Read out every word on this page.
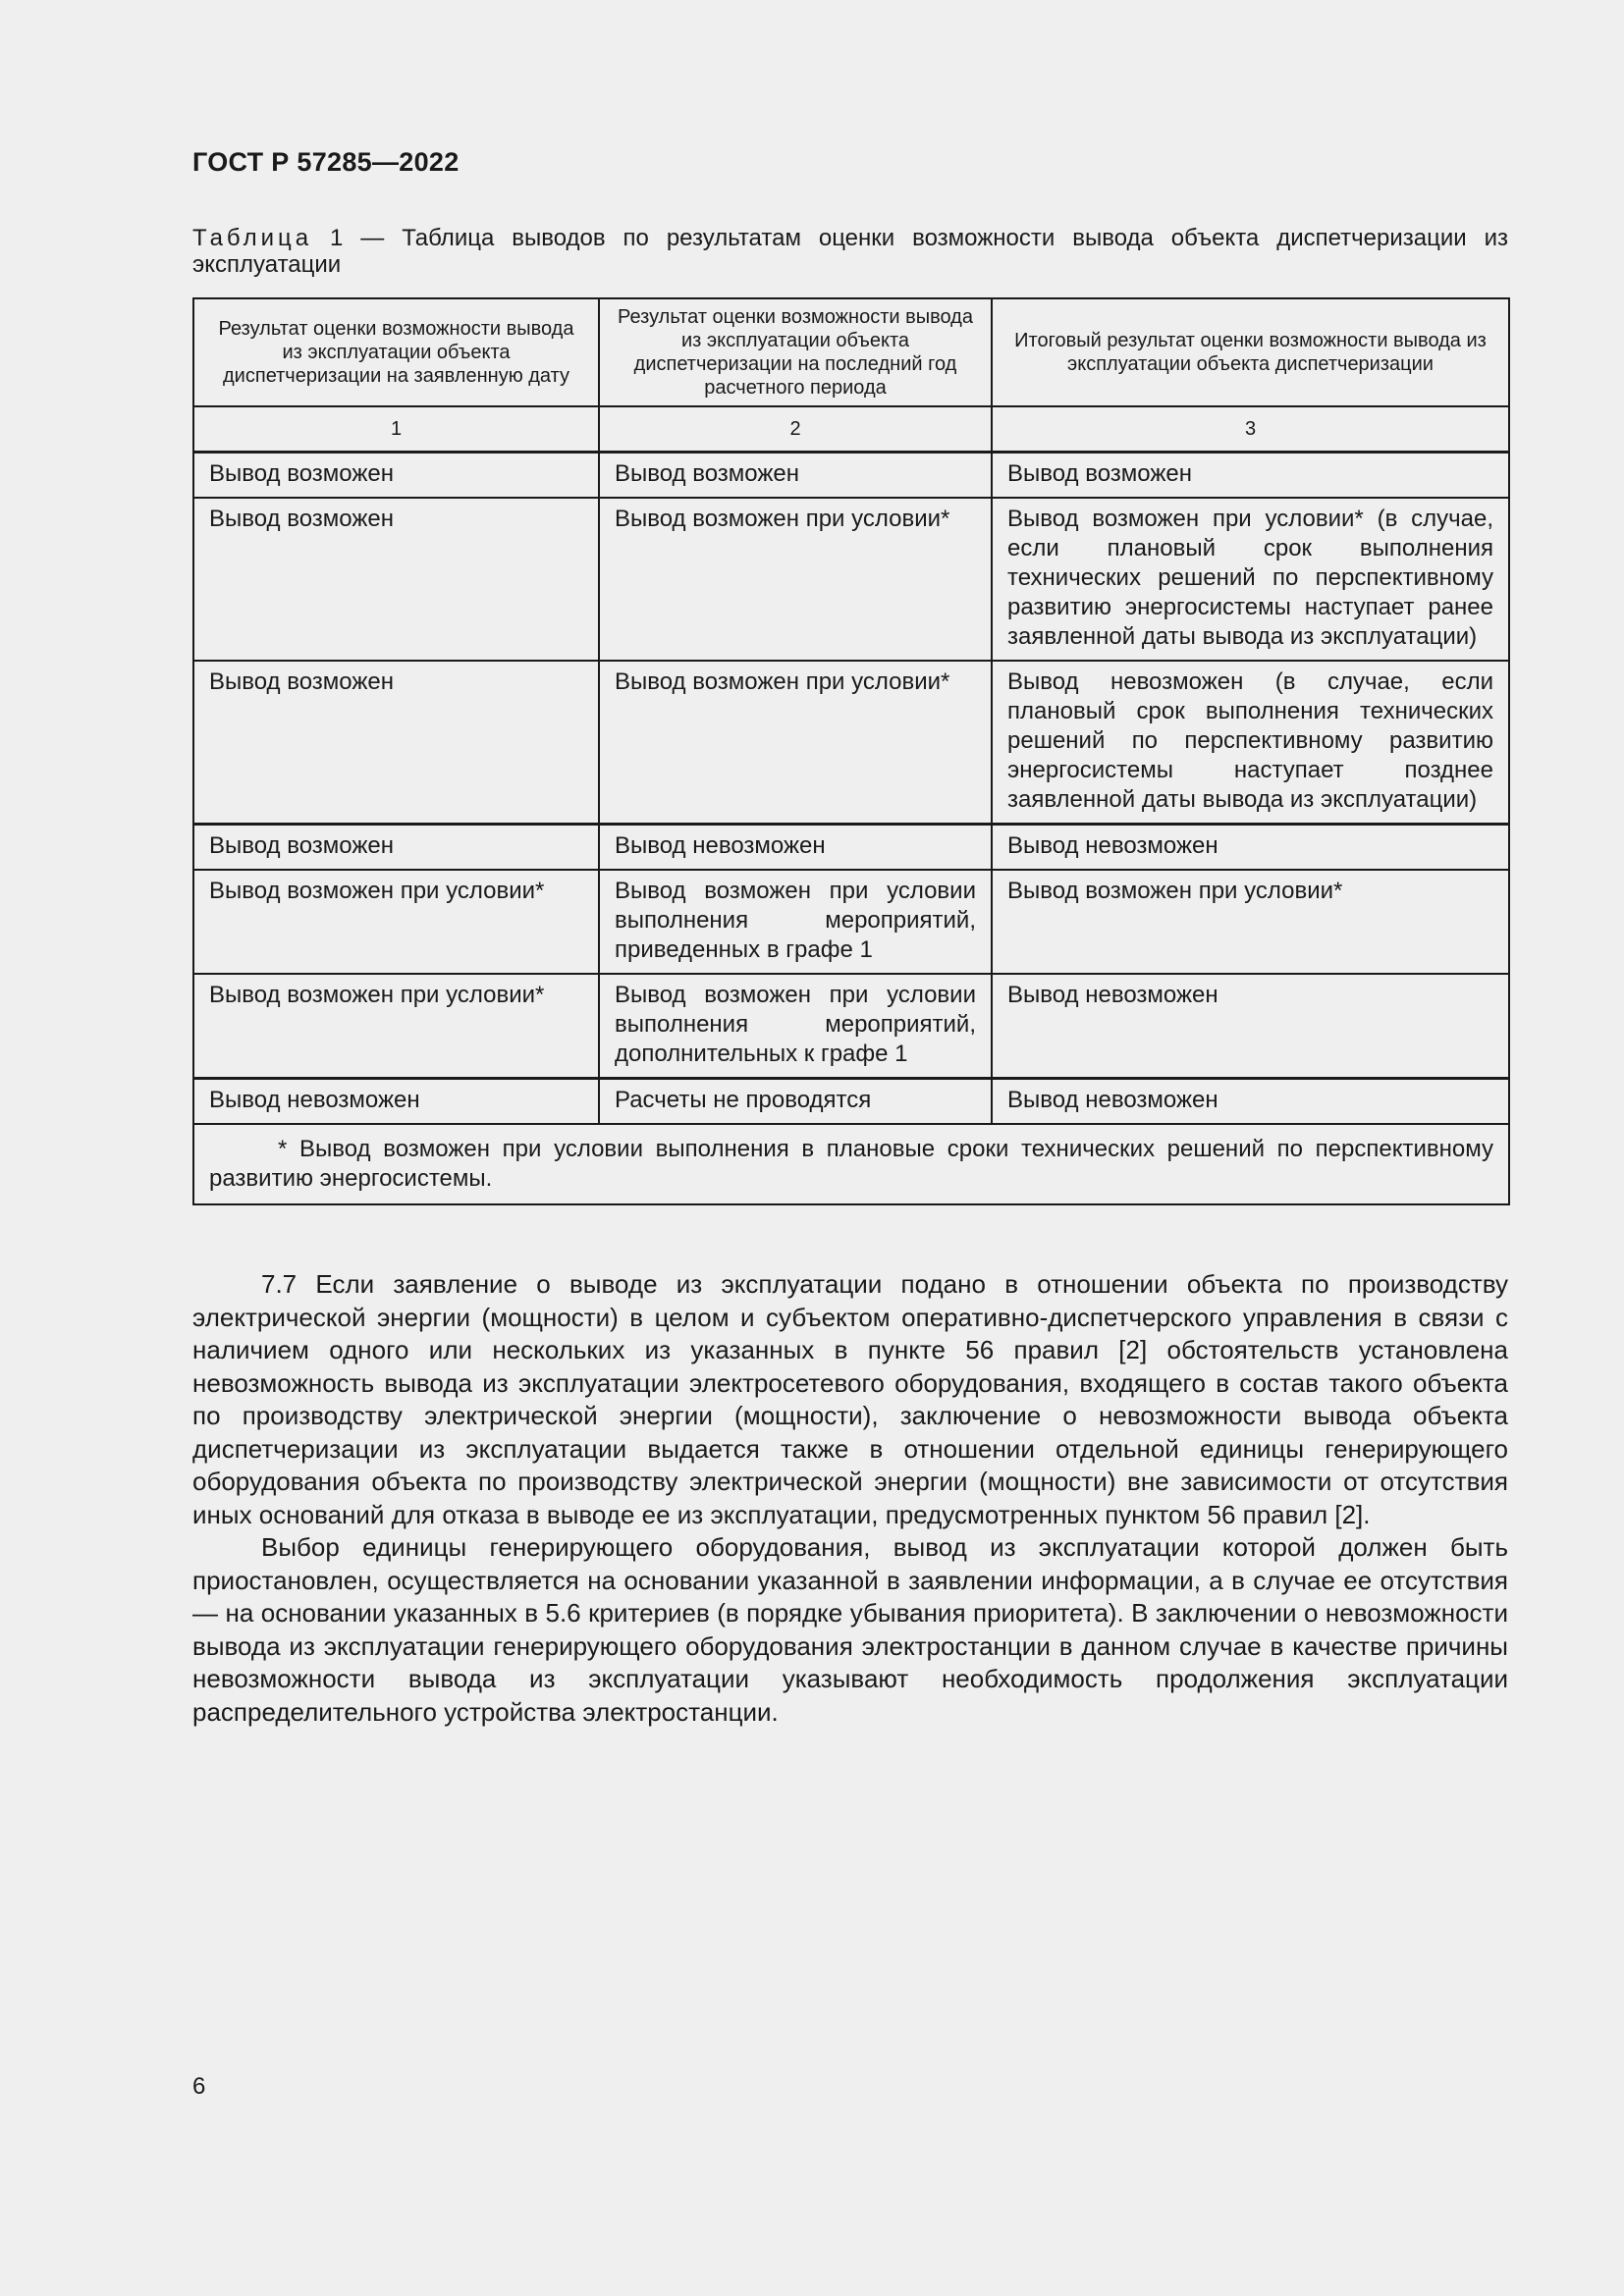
ГОСТ Р 57285—2022
Таблица 1 — Таблица выводов по результатам оценки возможности вывода объекта диспетчеризации из эксплуатации
Результат оценки возможности вывода из эксплуатации объекта диспетчеризации на заявленную дату	Результат оценки возможности вывода из эксплуатации объекта диспетчеризации на последний год расчетного периода	Итоговый результат оценки возможности вывода из эксплуатации объекта диспетчеризации
1	2	3
Вывод возможен	Вывод возможен	Вывод возможен
Вывод возможен	Вывод возможен при условии*	Вывод возможен при условии* (в случае, если плановый срок выполнения технических решений по перспективному развитию энергосистемы наступает ранее заявленной даты вывода из эксплуатации)
Вывод возможен	Вывод возможен при условии*	Вывод невозможен (в случае, если плановый срок выполнения технических решений по перспективному развитию энергосистемы наступает позднее заявленной даты вывода из эксплуатации)
Вывод возможен	Вывод невозможен	Вывод невозможен
Вывод возможен при условии*	Вывод возможен при условии выполнения мероприятий, приведенных в графе 1	Вывод возможен при условии*
Вывод возможен при условии*	Вывод возможен при условии выполнения мероприятий, дополнительных к графе 1	Вывод невозможен
Вывод невозможен	Расчеты не проводятся	Вывод невозможен
* Вывод возможен при условии выполнения в плановые сроки технических решений по перспективному развитию энергосистемы.		

7.7 Если заявление о выводе из эксплуатации подано в отношении объекта по производству электрической энергии (мощности) в целом и субъектом оперативно-диспетчерского управления в связи с наличием одного или нескольких из указанных в пункте 56 правил [2] обстоятельств установлена невозможность вывода из эксплуатации электросетевого оборудования, входящего в состав такого объекта по производству электрической энергии (мощности), заключение о невозможности вывода объекта диспетчеризации из эксплуатации выдается также в отношении отдельной единицы генерирующего оборудования объекта по производству электрической энергии (мощности) вне зависимости от отсутствия иных оснований для отказа в выводе ее из эксплуатации, предусмотренных пунктом 56 правил [2].

Выбор единицы генерирующего оборудования, вывод из эксплуатации которой должен быть приостановлен, осуществляется на основании указанной в заявлении информации, а в случае ее отсутствия — на основании указанных в 5.6 критериев (в порядке убывания приоритета). В заключении о невозможности вывода из эксплуатации генерирующего оборудования электростанции в данном случае в качестве причины невозможности вывода из эксплуатации указывают необходимость продолжения эксплуатации распределительного устройства электростанции.

6
